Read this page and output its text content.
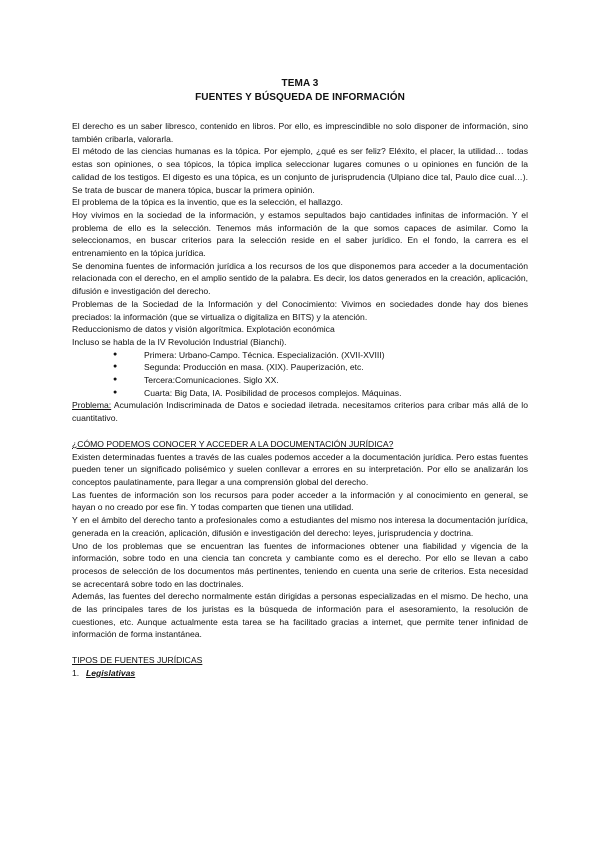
TEMA 3
FUENTES Y BÚSQUEDA DE INFORMACIÓN

El derecho es un saber libresco, contenido en libros. Por ello, es imprescindible no solo disponer de información, sino también cribarla, valorarla.

El método de las ciencias humanas es la tópica. Por ejemplo, ¿qué es ser feliz? Eléxito, el placer, la utilidad… todas estas son opiniones, o sea tópicos, la tópica implica seleccionar lugares comunes o u opiniones en función de la calidad de los testigos. El digesto es una tópica, es un conjunto de jurisprudencia (Ulpiano dice tal, Paulo dice cual…). Se trata de buscar de manera tópica, buscar la primera opinión.

El problema de la tópica es la inventio, que es la selección, el hallazgo.

Hoy vivimos en la sociedad de la información, y estamos sepultados bajo cantidades infinitas de información. Y el problema de ello es la selección. Tenemos más información de la que somos capaces de asimilar. Como la seleccionamos, en buscar criterios para la selección reside en el saber jurídico. En el fondo, la carrera es el entrenamiento en la tópica jurídica.

Se denomina fuentes de información jurídica a los recursos de los que disponemos para acceder a la documentación relacionada con el derecho, en el amplio sentido de la palabra. Es decir, los datos generados en la creación, aplicación, difusión e investigación del derecho.

Problemas de la Sociedad de la Información y del Conocimiento: Vivimos en sociedades donde hay dos bienes preciados: la información (que se virtualiza o digitaliza en BITS) y la atención.

Reduccionismo de datos y visión algorítmica. Explotación económica

Incluso se habla de la IV Revolución Industrial (Bianchi).

● Primera: Urbano-Campo. Técnica. Especialización. (XVII-XVIII)
● Segunda: Producción en masa. (XIX). Pauperización, etc.
● Tercera:Comunicaciones. Siglo XX.
● Cuarta: Big Data, IA. Posibilidad de procesos complejos. Máquinas.

Problema: Acumulación Indiscriminada de Datos e sociedad iletrada. necesitamos criterios para cribar más allá de lo cuantitativo.

¿CÓMO PODEMOS CONOCER Y ACCEDER A LA DOCUMENTACIÓN JURÍDICA?

Existen determinadas fuentes a través de las cuales podemos acceder a la documentación jurídica. Pero estas fuentes pueden tener un significado polisémico y suelen conllevar a errores en su interpretación. Por ello se analizarán los conceptos paulatinamente, para llegar a una comprensión global del derecho.

Las fuentes de información son los recursos para poder acceder a la información y al conocimiento en general, se hayan o no creado por ese fin. Y todas comparten que tienen una utilidad.

Y en el ámbito del derecho tanto a profesionales como a estudiantes del mismo nos interesa la documentación jurídica, generada en la creación, aplicación, difusión e investigación del derecho: leyes, jurisprudencia y doctrina.

Uno de los problemas que se encuentran las fuentes de informaciones obtener una fiabilidad y vigencia de la información, sobre todo en una ciencia tan concreta y cambiante como es el derecho. Por ello se llevan a cabo procesos de selección de los documentos más pertinentes, teniendo en cuenta una serie de criterios. Esta necesidad se acrecentará sobre todo en las doctrinales.

Además, las fuentes del derecho normalmente están dirigidas a personas especializadas en el mismo. De hecho, una de las principales tares de los juristas es la búsqueda de información para el asesoramiento, la resolución de cuestiones, etc. Aunque actualmente esta tarea se ha facilitado gracias a internet, que permite tener infinidad de información de forma instantánea.

TIPOS DE FUENTES JURÍDICAS

1. Legislativas
